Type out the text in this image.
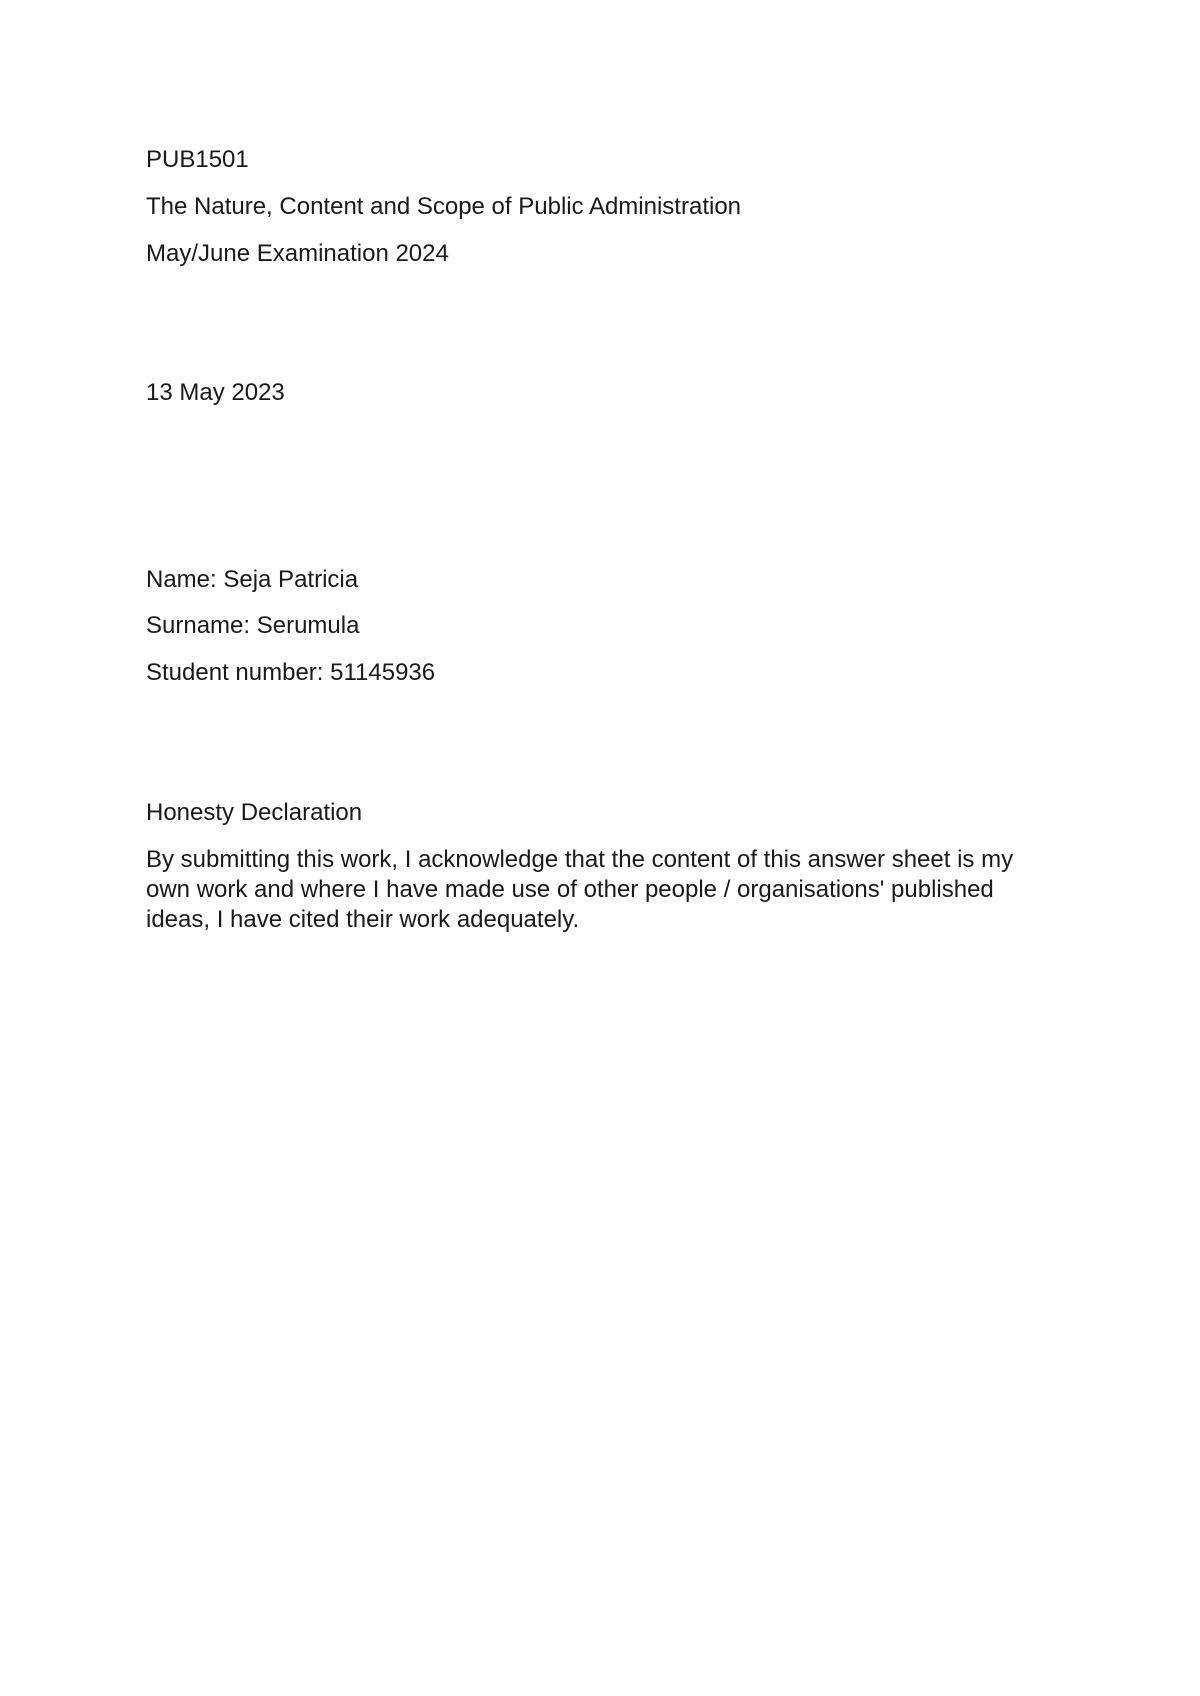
PUB1501

The Nature, Content and Scope of Public Administration

May/June Examination 2024

13 May 2023

Name: Seja Patricia

Surname: Serumula

Student number: 51145936

Honesty Declaration

By submitting this work, I acknowledge that the content of this answer sheet is my
own work and where I have made use of other people / organisations' published
ideas, I have cited their work adequately.
